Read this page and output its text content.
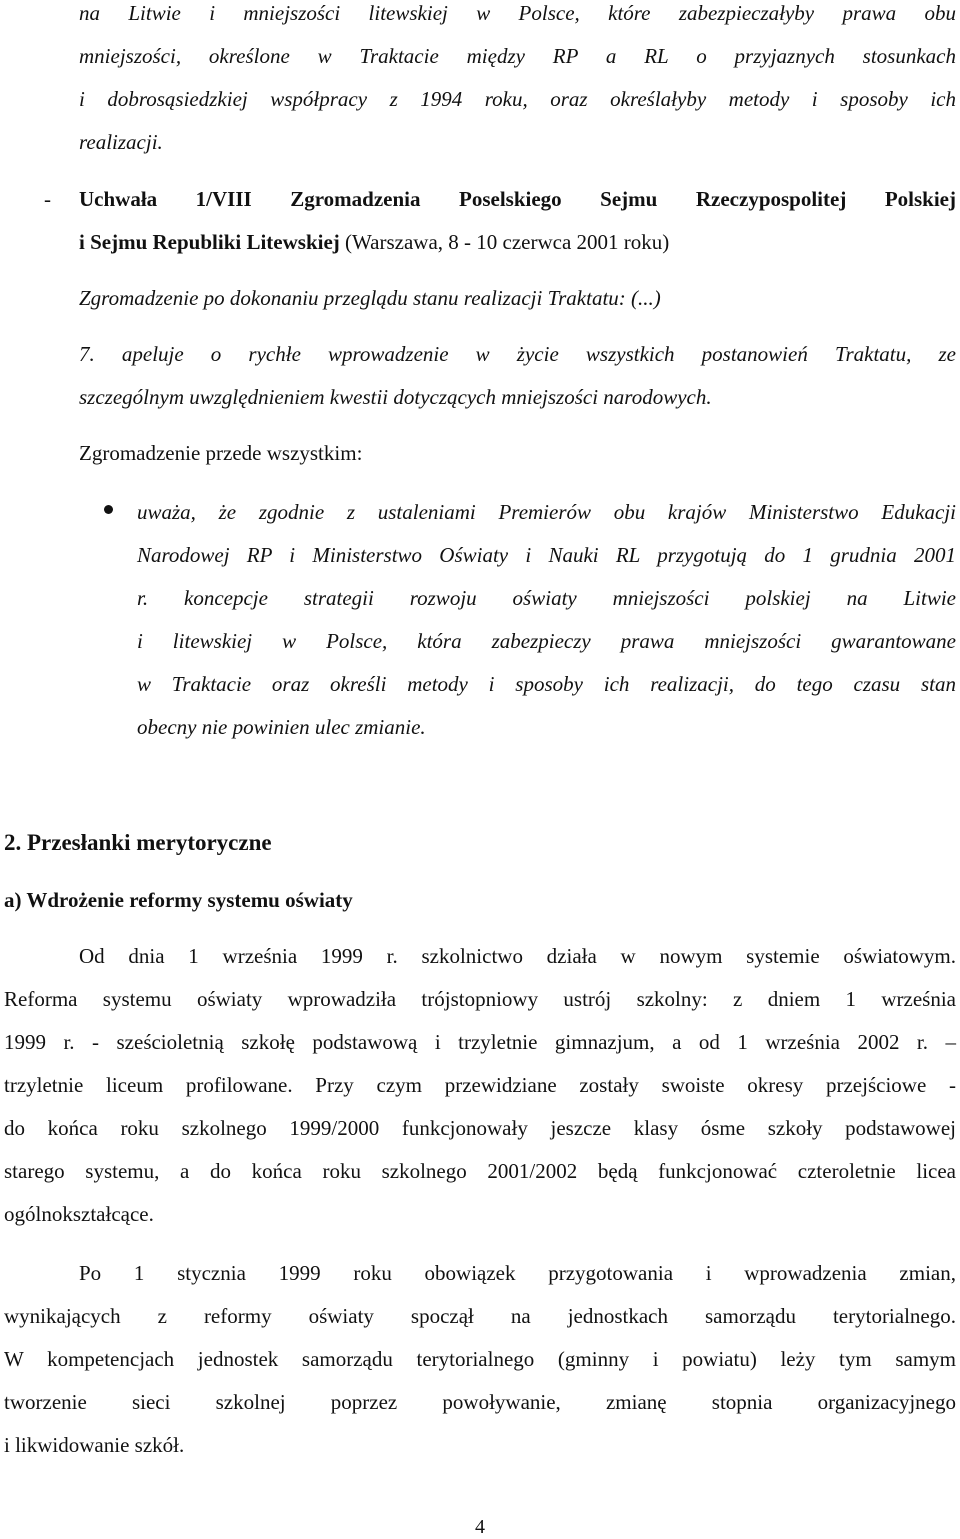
na Litwie i mniejszości litewskiej w Polsce, które zabezpieczałyby prawa obu
mniejszości, określone w Traktacie między RP a RL o przyjaznych stosunkach
i dobrosąsiedzkiej współpracy z 1994 roku, oraz określałyby metody i sposoby ich
realizacji.
- Uchwała 1/VIII Zgromadzenia Poselskiego Sejmu Rzeczypospolitej Polskiej
i Sejmu Republiki Litewskiej (Warszawa, 8 - 10 czerwca 2001 roku)
Zgromadzenie po dokonaniu przeglądu stanu realizacji Traktatu: (...)
7. apeluje o rychłe wprowadzenie w życie wszystkich postanowień Traktatu, ze
szczególnym uwzględnieniem kwestii dotyczących mniejszości narodowych.
Zgromadzenie przede wszystkim:
uważa, że zgodnie z ustaleniami Premierów obu krajów Ministerstwo Edukacji
Narodowej RP i Ministerstwo Oświaty i Nauki RL przygotują do 1 grudnia 2001
r. koncepcje strategii rozwoju oświaty mniejszości polskiej na Litwie
i litewskiej w Polsce, która zabezpieczy prawa mniejszości gwarantowane
w Traktacie oraz określi metody i sposoby ich realizacji, do tego czasu stan
obecny nie powinien ulec zmianie.
2. Przesłanki merytoryczne
a) Wdrożenie reformy systemu oświaty
Od dnia 1 września 1999 r. szkolnictwo działa w nowym systemie oświatowym.
Reforma systemu oświaty wprowadziła trójstopniowy ustrój szkolny: z dniem 1 września
1999 r. - sześcioletnią szkołę podstawową i trzyletnie gimnazjum, a od 1 września 2002 r. –
trzyletnie liceum profilowane. Przy czym przewidziane zostały swoiste okresy przejściowe -
do końca roku szkolnego 1999/2000 funkcjonowały jeszcze klasy ósme szkoły podstawowej
starego systemu, a do końca roku szkolnego 2001/2002 będą funkcjonować czteroletnie licea
ogólnokształcące.
Po 1 stycznia 1999 roku obowiązek przygotowania i wprowadzenia zmian,
wynikających z reformy oświaty spoczął na jednostkach samorządu terytorialnego.
W kompetencjach jednostek samorządu terytorialnego (gminny i powiatu) leży tym samym
tworzenie sieci szkolnej poprzez powoływanie, zmianę stopnia organizacyjnego
i likwidowanie szkół.
4
